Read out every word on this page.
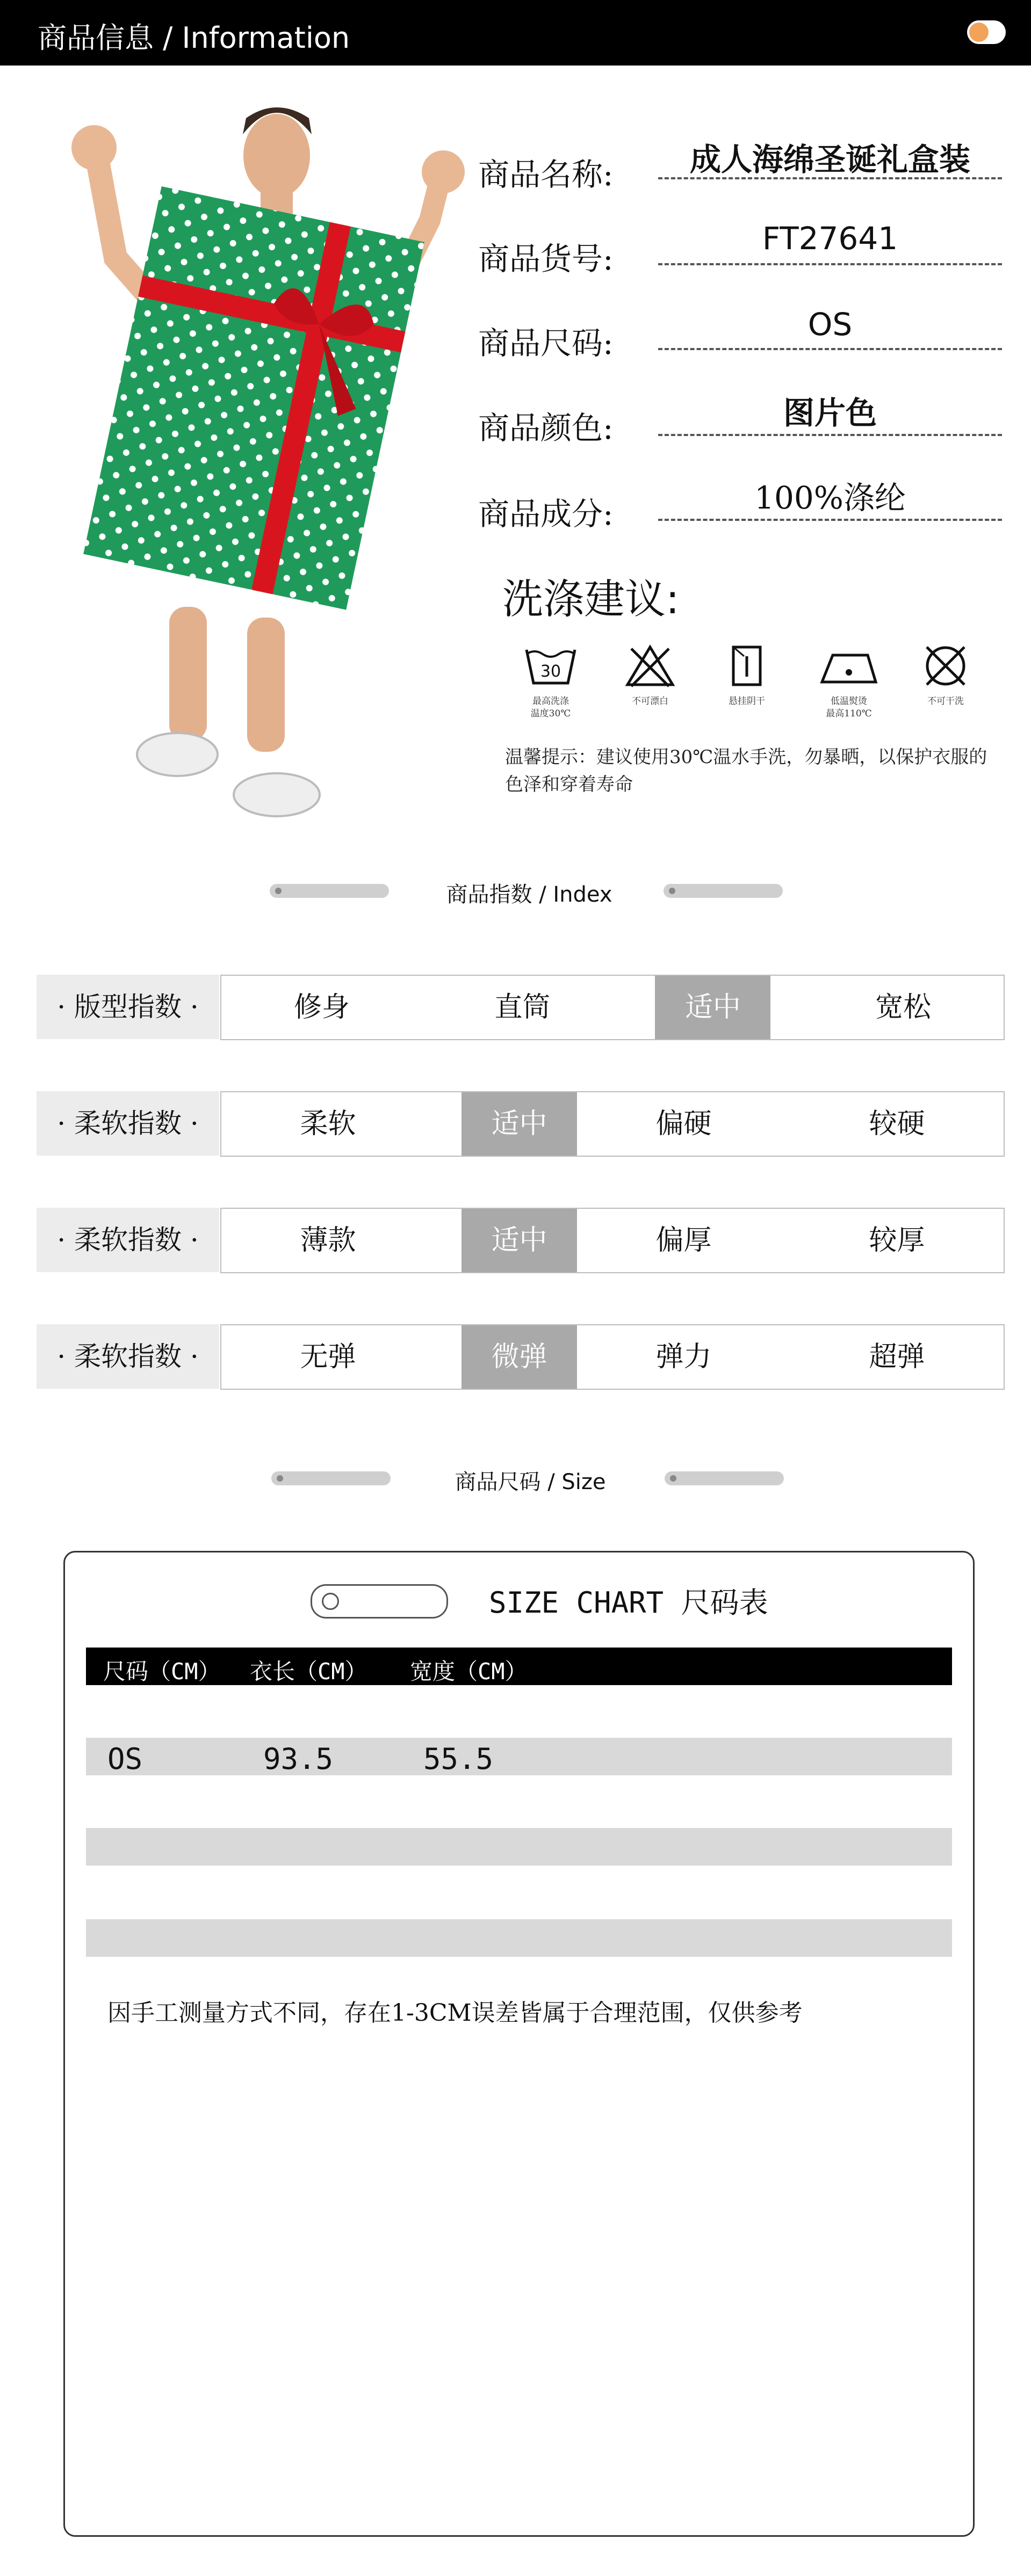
商品信息 / Information
商品名称:	成人海绵圣诞礼盒装
商品货号:
FT27641
商品尺码:
OS
商品颜色:	图片色
商品成分:	100%涤纶
洗涤建议:
30
最高洗涤
温度30℃
不可漂白	悬挂阴干	低温熨烫
最高110℃
不可干洗
温馨提示：建议使用30℃温水手洗，勿暴晒，以保护衣服的色泽和穿着寿命
商品指数 / Index
· 版型指数 ·	修身	直筒	适中	宽松
· 柔软指数 ·	柔软	适中	偏硬	较硬
· 柔软指数 ·	薄款	适中	偏厚	较厚
· 柔软指数 ·	无弹	微弹	弹力	超弹
商品尺码 / Size
SIZE CHART 尺码表
尺码（CM） 衣长（CM） 宽度（CM）
OS	93.5	55.5
因手工测量方式不同，存在1-3CM误差皆属于合理范围，仅供参考
